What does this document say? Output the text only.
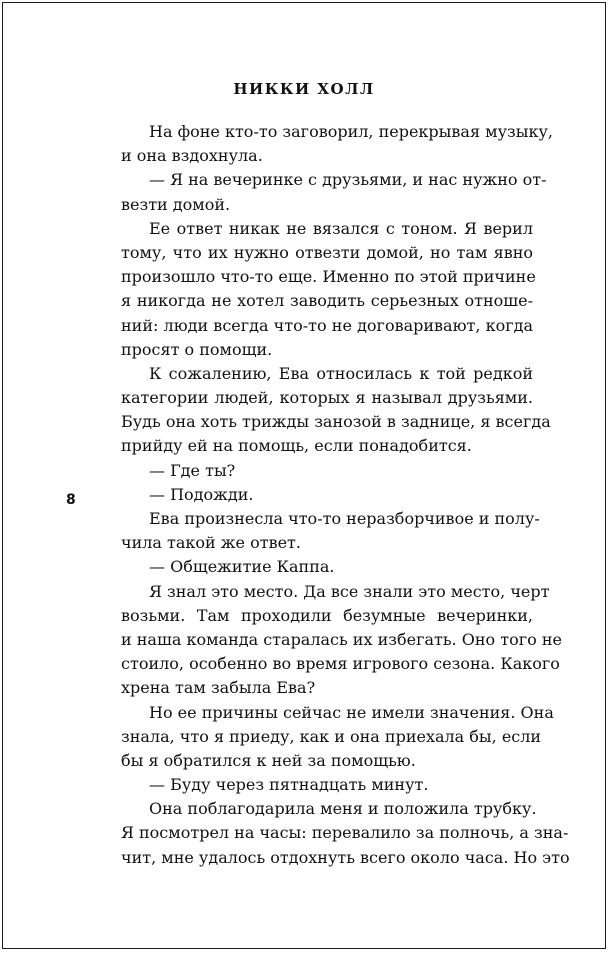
НИККИ ХОЛЛ
8
На фоне кто-то заговорил, перекрывая музыку,
и она вздохнула.
— Я на вечеринке с друзьями, и нас нужно от-
везти домой.
Ее ответ никак не вязался с тоном. Я верил
тому, что их нужно отвезти домой, но там явно
произошло что-то еще. Именно по этой причине
я никогда не хотел заводить серьезных отноше-
ний: люди всегда что-то не договаривают, когда
просят о помощи.
К сожалению, Ева относилась к той редкой
категории людей, которых я называл друзьями.
Будь она хоть трижды занозой в заднице, я всегда
прийду ей на помощь, если понадобится.
— Где ты?
— Подожди.
Ева произнесла что-то неразборчивое и полу-
чила такой же ответ.
— Общежитие Каппа.
Я знал это место. Да все знали это место, черт
возьми. Там проходили безумные вечеринки,
и наша команда старалась их избегать. Оно того не
стоило, особенно во время игрового сезона. Какого
хрена там забыла Ева?
Но ее причины сейчас не имели значения. Она
знала, что я приеду, как и она приехала бы, если
бы я обратился к ней за помощью.
— Буду через пятнадцать минут.
Она поблагодарила меня и положила трубку.
Я посмотрел на часы: перевалило за полночь, а зна-
чит, мне удалось отдохнуть всего около часа. Но это
